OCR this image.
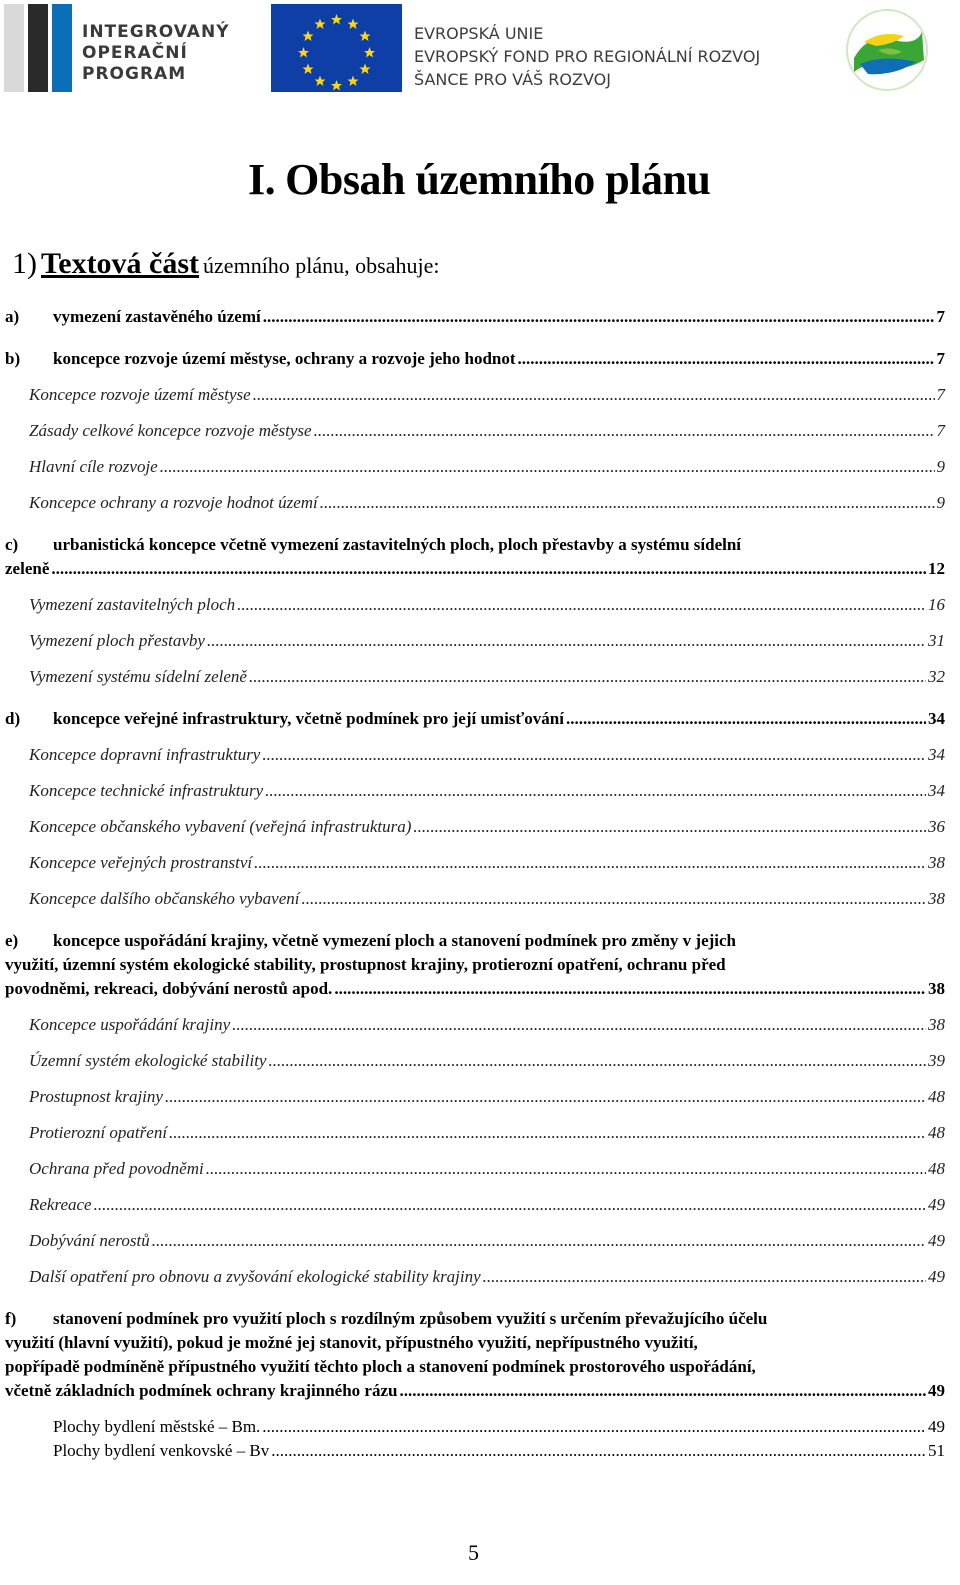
INTEGROVANÝ
OPERAČNÍ
PROGRAM
EVROPSKÁ UNIE
EVROPSKÝ FOND PRO REGIONÁLNÍ ROZVOJ
ŠANCE PRO VÁŠ ROZVOJ
I. Obsah územního plánu
1) Textová část územního plánu, obsahuje:
a) vymezení zastavěného území .....	7
b) koncepce rozvoje území městyse, ochrany a rozvoje jeho hodnot .....	7
Koncepce rozvoje území městyse .....	7
Zásady celkové koncepce rozvoje městyse .....	7
Hlavní cíle rozvoje .....	9
Koncepce ochrany a rozvoje hodnot území .....	9
c) urbanistická koncepce včetně vymezení zastavitelných ploch, ploch přestavby a systému sídelní
zeleně .....	12
Vymezení zastavitelných ploch .....	16
Vymezení ploch přestavby .....	31
Vymezení systému sídelní zeleně .....	32
d) koncepce veřejné infrastruktury, včetně podmínek pro její umisťování .....	34
Koncepce dopravní infrastruktury .....	34
Koncepce technické infrastruktury .....	34
Koncepce občanského vybavení (veřejná infrastruktura) .....	36
Koncepce veřejných prostranství .....	38
Koncepce dalšího občanského vybavení .....	38
e) koncepce uspořádání krajiny, včetně vymezení ploch a stanovení podmínek pro změny v jejich
využití, územní systém ekologické stability, prostupnost krajiny, protierozní opatření, ochranu před
povodněmi, rekreaci, dobývání nerostů apod. .....	38
Koncepce uspořádání krajiny .....	38
Územní systém ekologické stability .....	39
Prostupnost krajiny .....	48
Protierozní opatření .....	48
Ochrana před povodněmi .....	48
Rekreace .....	49
Dobývání nerostů .....	49
Další opatření pro obnovu a zvyšování ekologické stability krajiny .....	49
f) stanovení podmínek pro využití ploch s rozdílným způsobem využití s určením převažujícího účelu
využití (hlavní využití), pokud je možné jej stanovit, přípustného využití, nepřípustného využití,
popřípadě podmíněně přípustného využití těchto ploch a stanovení podmínek prostorového uspořádání,
včetně základních podmínek ochrany krajinného rázu .....	49
Plochy bydlení městské – Bm. .....	49
Plochy bydlení venkovské – Bv .....	51
5
